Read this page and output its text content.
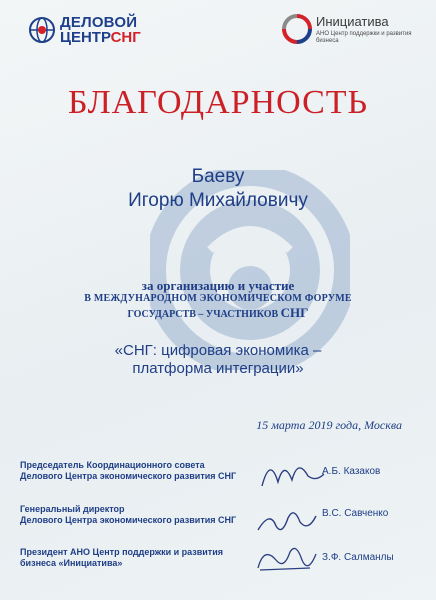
ДЕЛОВОЙ
ЦЕНТРСНГ
Инициатива
АНО Центр поддержки и развития бизнеса
БЛАГОДАРНОСТЬ
Баеву
Игорю Михайловичу
за организацию и участие
В МЕЖДУНАРОДНОМ ЭКОНОМИЧЕСКОМ ФОРУМЕ
ГОСУДАРСТВ – УЧАСТНИКОВ СНГ
«СНГ: цифровая экономика –
платформа интеграции»
15 марта 2019 года, Москва
Председатель Координационного совета
Делового Центра экономического развития СНГ	А.Б. Казаков
Генеральный директор
Делового Центра экономического развития СНГ
В.С. Савченко
Президент АНО Центр поддержки и развития
бизнеса «Инициатива»	З.Ф. Салманлы
